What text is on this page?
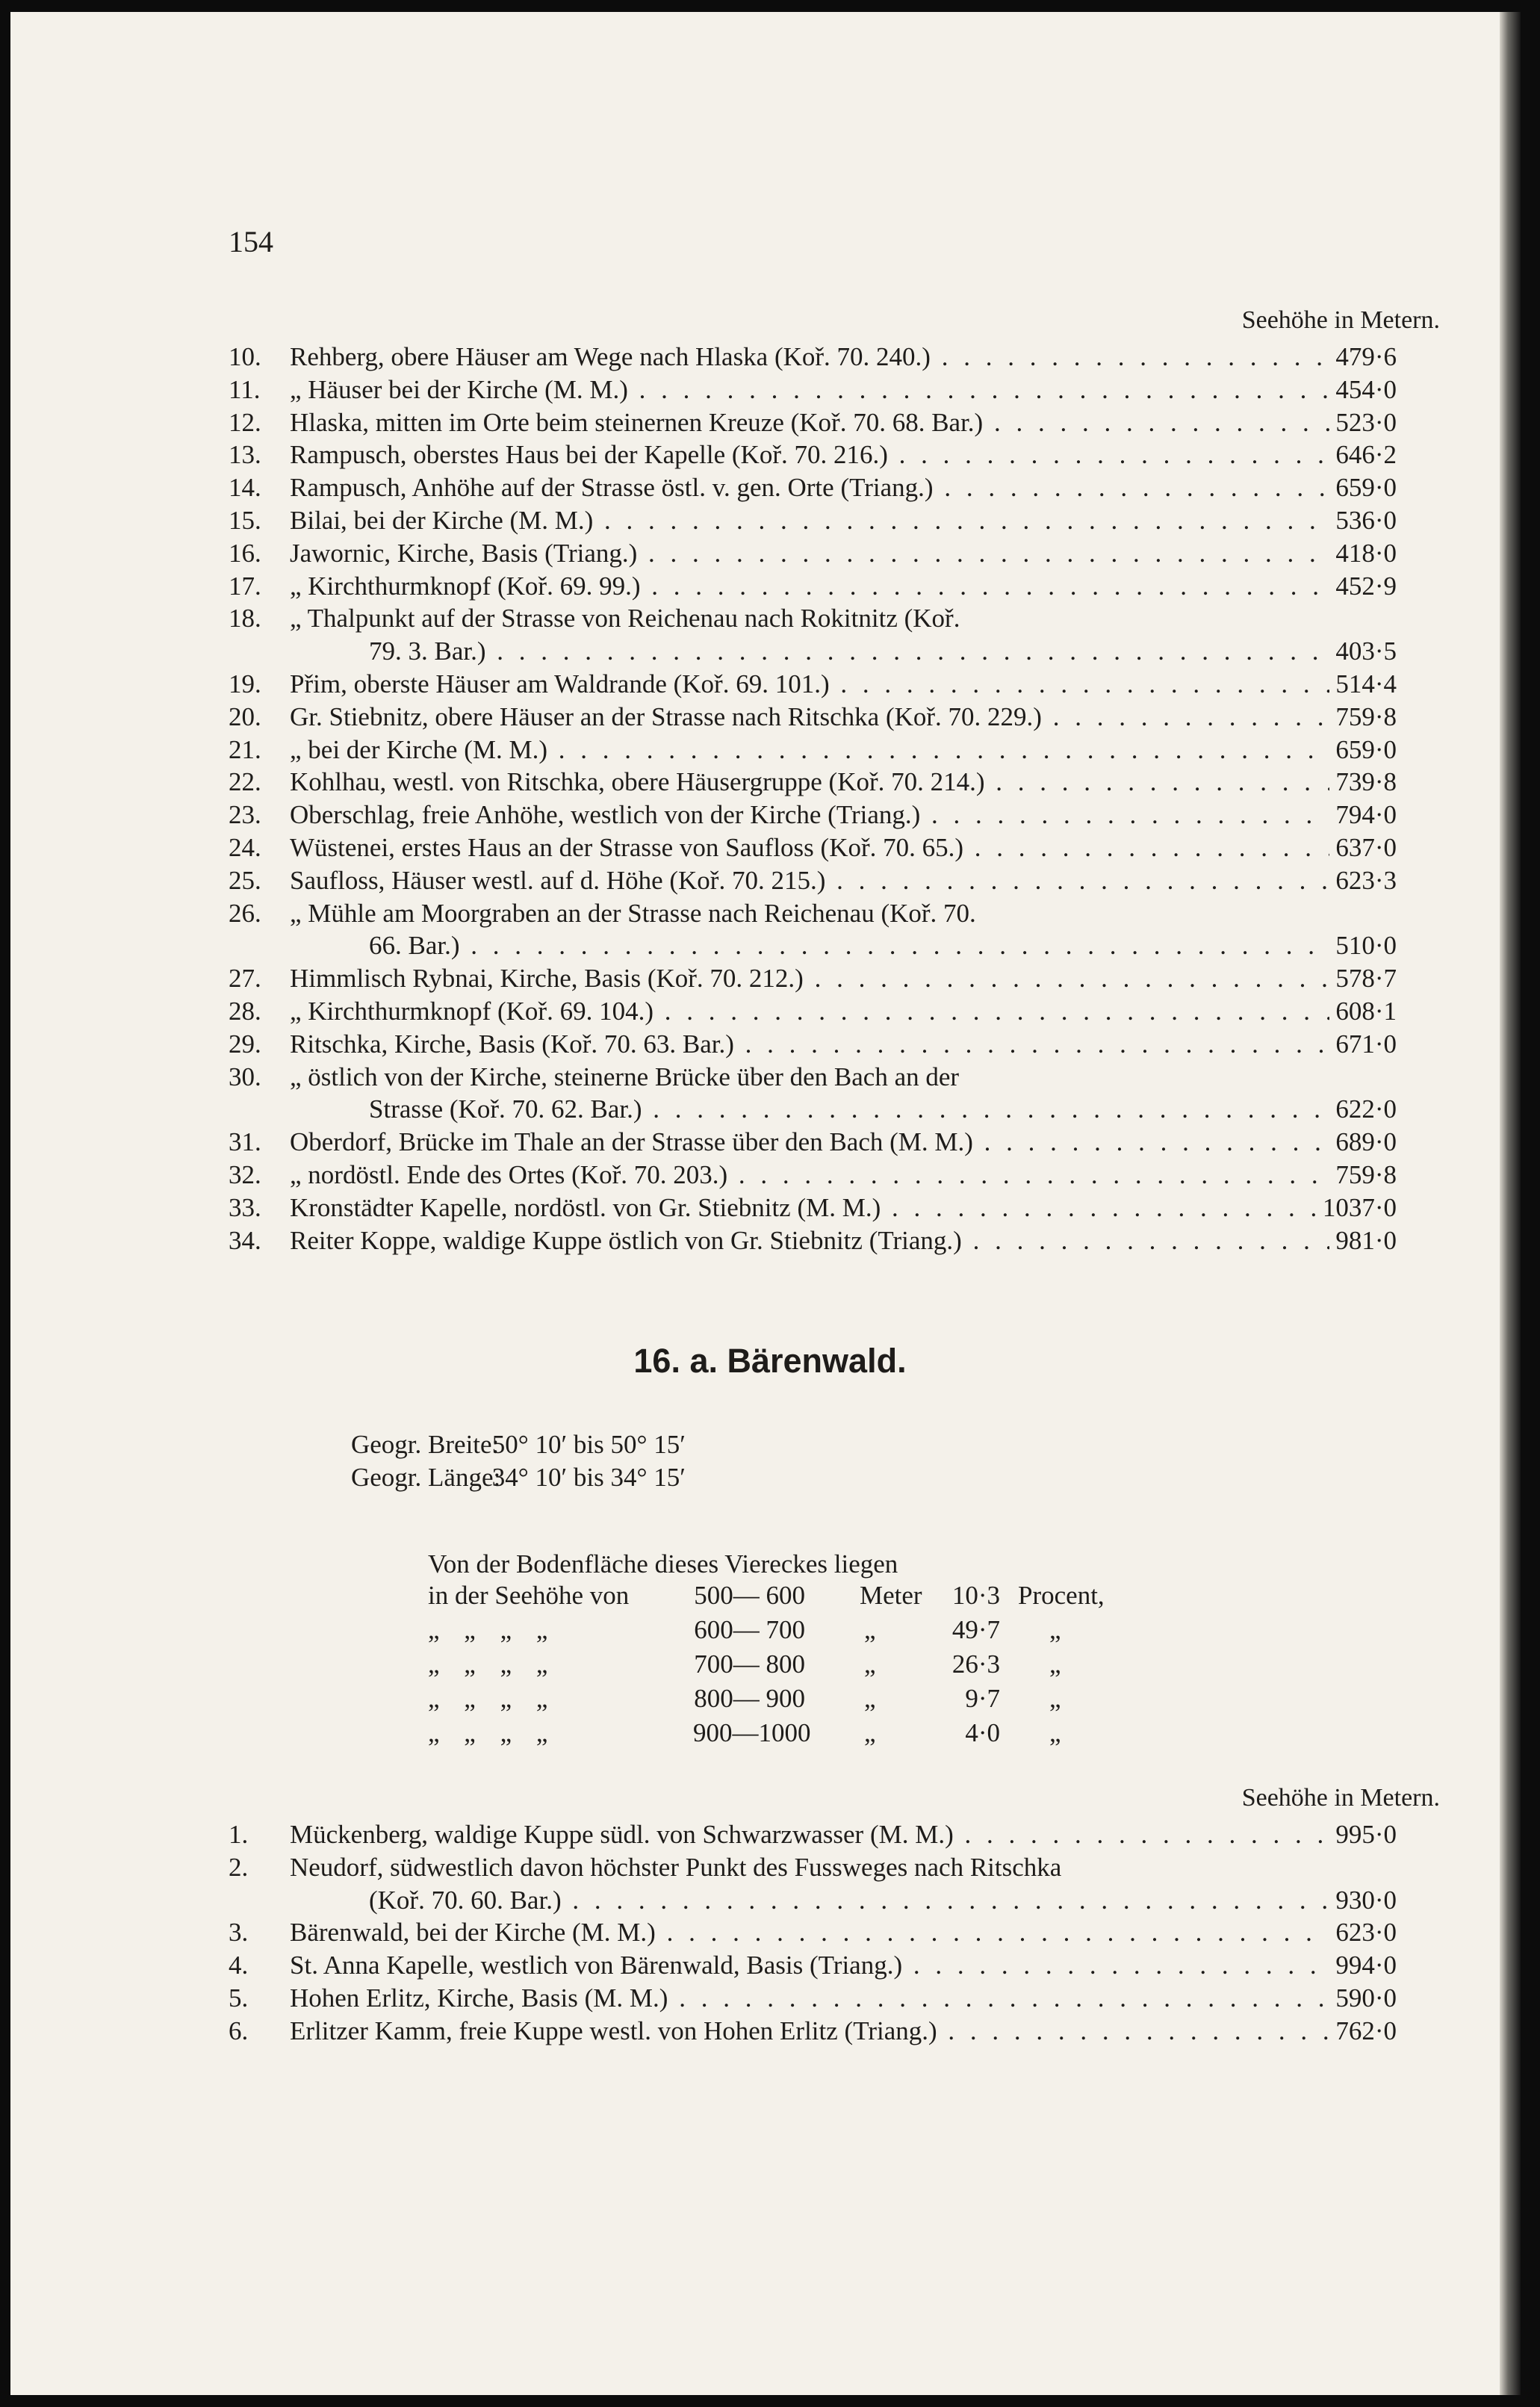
154
Seehöhe in Metern.
10.	Rehberg, obere Häuser am Wege nach Hlaska (Koř. 70. 240.) . . .	479·6
11.	„ Häuser bei der Kirche (M. M.) . . .	454·0
12.	Hlaska, mitten im Orte beim steinernen Kreuze (Koř. 70. 68. Bar.) . . .	523·0
13.	Rampusch, oberstes Haus bei der Kapelle (Koř. 70. 216.) . . .	646·2
14.	Rampusch, Anhöhe auf der Strasse östl. v. gen. Orte (Triang.) . . .	659·0
15.	Bilai, bei der Kirche (M. M.) . . .	536·0
16.	Jawornic, Kirche, Basis (Triang.) . . .	418·0
17.	„ Kirchthurmknopf (Koř. 69. 99.) . . .	452·9
18.	„ Thalpunkt auf der Strasse von Reichenau nach Rokitnitz (Koř.
79. 3. Bar.) . . .	403·5
19.	Přim, oberste Häuser am Waldrande (Koř. 69. 101.) . . .	514·4
20.	Gr. Stiebnitz, obere Häuser an der Strasse nach Ritschka (Koř. 70. 229.) . . .	759·8
21.	„ bei der Kirche (M. M.) . . .	659·0
22.	Kohlhau, westl. von Ritschka, obere Häusergruppe (Koř. 70. 214.) . . .	739·8
23.	Oberschlag, freie Anhöhe, westlich von der Kirche (Triang.) . . .	794·0
24.	Wüstenei, erstes Haus an der Strasse von Saufloss (Koř. 70. 65.) . . .	637·0
25.	Saufloss, Häuser westl. auf d. Höhe (Koř. 70. 215.) . . .	623·3
26.	„ Mühle am Moorgraben an der Strasse nach Reichenau (Koř. 70.
66. Bar.) . . .	510·0
27.	Himmlisch Rybnai, Kirche, Basis (Koř. 70. 212.) . . .	578·7
28.	„ Kirchthurmknopf (Koř. 69. 104.) . . .	608·1
29.	Ritschka, Kirche, Basis (Koř. 70. 63. Bar.) . . .	671·0
30.	„ östlich von der Kirche, steinerne Brücke über den Bach an der
Strasse (Koř. 70. 62. Bar.) . . .	622·0
31.	Oberdorf, Brücke im Thale an der Strasse über den Bach (M. M.) . . .	689·0
32.	„ nordöstl. Ende des Ortes (Koř. 70. 203.) . . .	759·8
33.	Kronstädter Kapelle, nordöstl. von Gr. Stiebnitz (M. M.) . . .	1037·0
34.	Reiter Koppe, waldige Kuppe östlich von Gr. Stiebnitz (Triang.) . . .	981·0
16. a. Bärenwald.
Geogr. Breite: 50° 10′ bis 50° 15′
Geogr. Länge: 34° 10′ bis 34° 15′
Von der Bodenfläche dieses Viereckes liegen
in der Seehöhe von 500— 600 Meter	10·3 Procent,
„ „ „ „	600— 700 „	49·7 „
„ „ „ „	700— 800 „	26·3 „
„ „ „ „	800— 900 „	9·7 „
„ „ „ „	900—1000 „	4·0 „
Seehöhe in Metern.
1.	Mückenberg, waldige Kuppe südl. von Schwarzwasser (M. M.) . . .	995·0
2.	Neudorf, südwestlich davon höchster Punkt des Fussweges nach Ritschka
(Koř. 70. 60. Bar.) . . .	930·0
3.	Bärenwald, bei der Kirche (M. M.) . . .	623·0
4.	St. Anna Kapelle, westlich von Bärenwald, Basis (Triang.) . . .	994·0
5.	Hohen Erlitz, Kirche, Basis (M. M.) . . .	590·0
6.	Erlitzer Kamm, freie Kuppe westl. von Hohen Erlitz (Triang.) . . .	762·0
